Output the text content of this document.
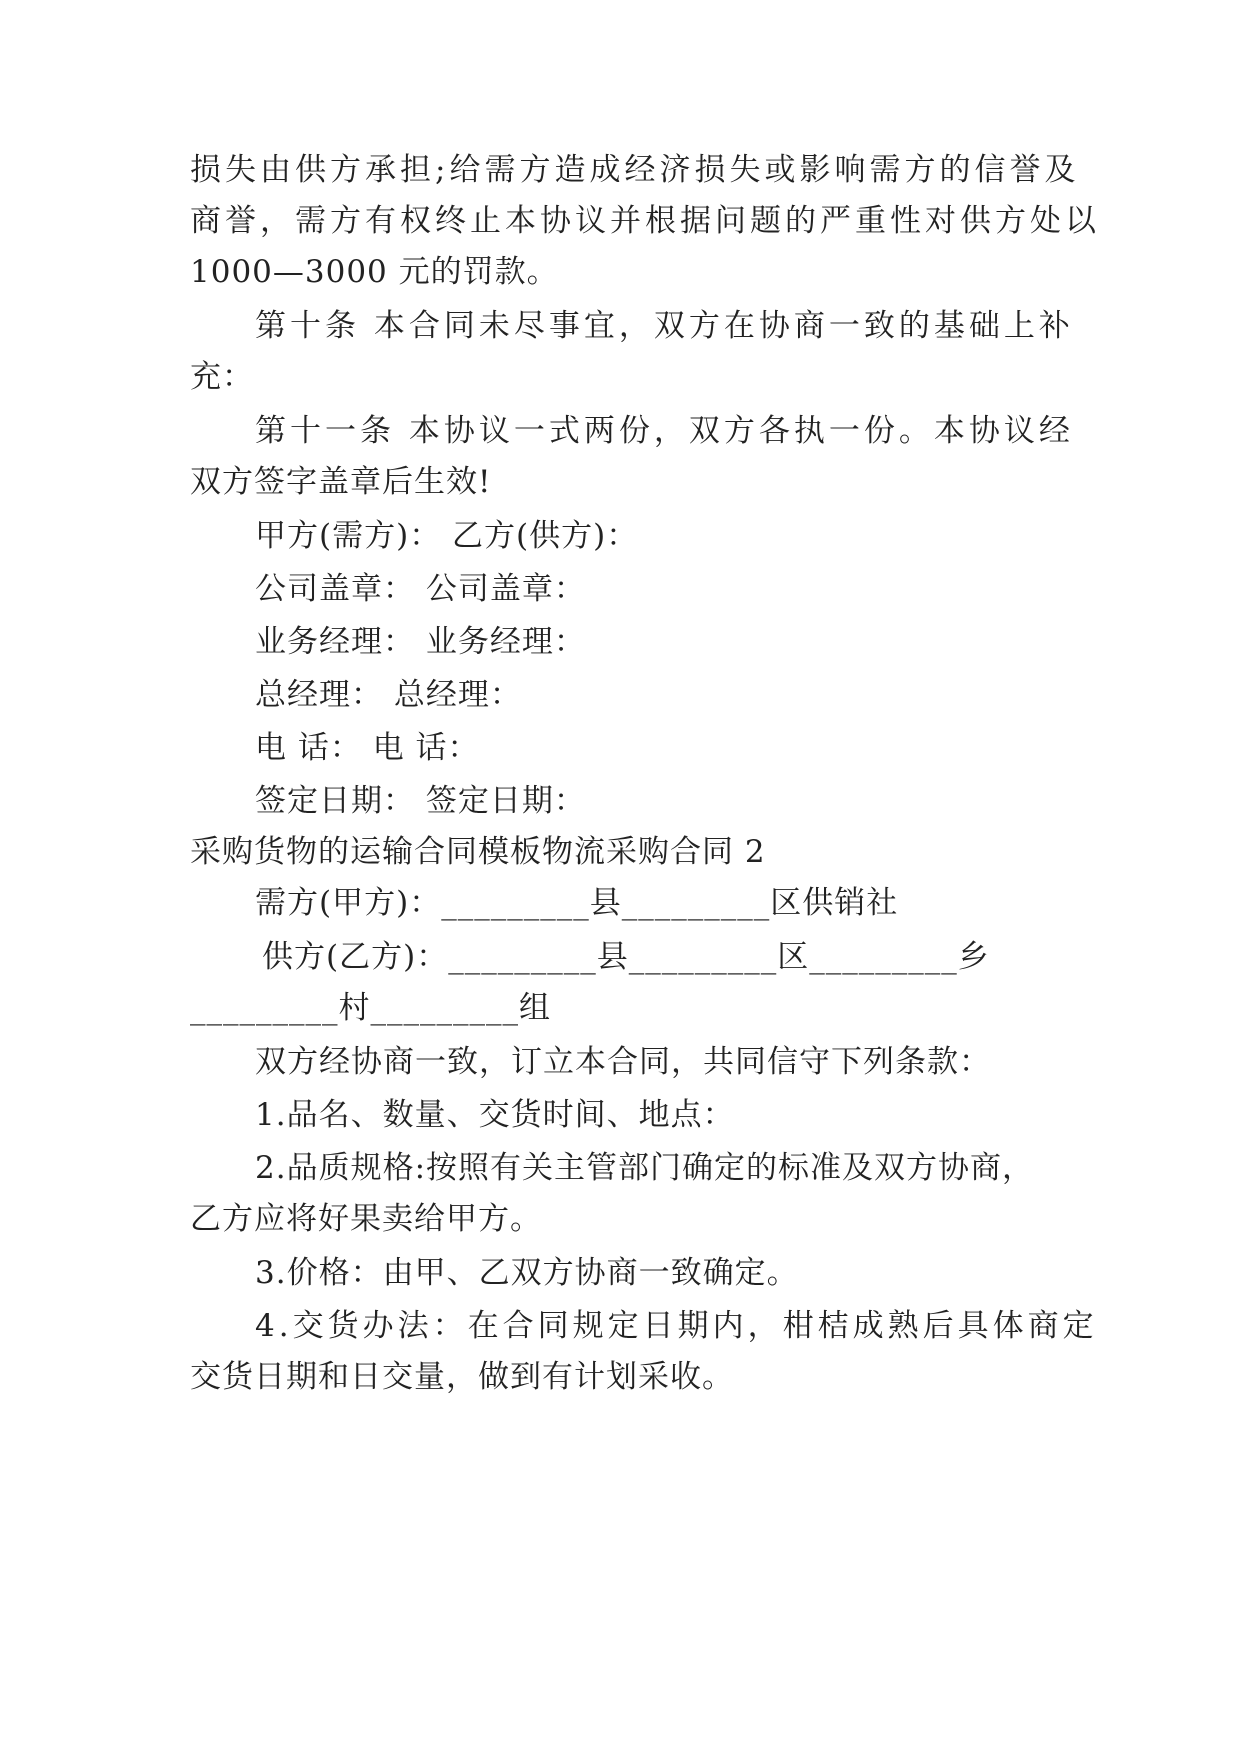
损失由供方承担;给需方造成经济损失或影响需方的信誉及

商誉，需方有权终止本协议并根据问题的严重性对供方处以

1000—3000 元的罚款。

第十条 本合同未尽事宜，双方在协商一致的基础上补

充：

第十一条 本协议一式两份，双方各执一份。本协议经

双方签字盖章后生效!

甲方(需方)： 乙方(供方)：

公司盖章： 公司盖章：

业务经理： 业务经理：

总经理： 总经理：

电 话： 电 话：

签定日期： 签定日期：

采购货物的运输合同模板物流采购合同 2

需方(甲方)：_________县_________区供销社

供方(乙方)：_________县_________区_________乡

_________村_________组

双方经协商一致，订立本合同，共同信守下列条款：

1.品名、数量、交货时间、地点：

2.品质规格:按照有关主管部门确定的标准及双方协商，

乙方应将好果卖给甲方。

3.价格：由甲、乙双方协商一致确定。

4.交货办法：在合同规定日期内，柑桔成熟后具体商定

交货日期和日交量，做到有计划采收。
